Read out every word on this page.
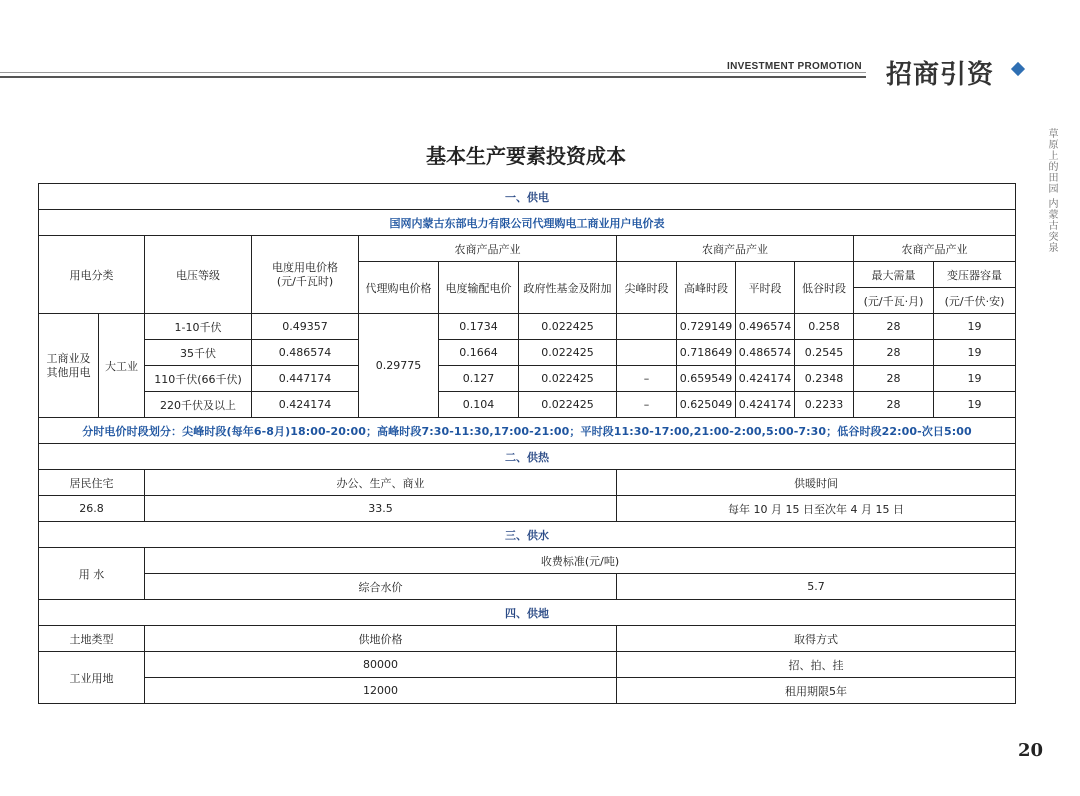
INVESTMENT PROMOTION 招商引资
草原上的田园 内蒙古突泉
基本生产要素投资成本
一、供电												
国网内蒙古东部电力有限公司代理购电工商业用户电价表												
用电分类		电压等级	电度用电价格
(元/千瓦时)	农商产品产业			农商产品产业				农商产品产业	
				代理购电价格	电度输配电价	政府性基金及附加	尖峰时段	高峰时段	平时段	低谷时段	最大需量	变压器容量
											(元/千瓦·月)	(元/千伏·安)
工商业及
其他用电	大工业	1-10千伏	0.49357	0.29775	0.1734	0.022425		0.729149	0.496574	0.258	28	19
		35千伏	0.486574		0.1664	0.022425		0.718649	0.486574	0.2545	28	19
		110千伏(66千伏)	0.447174		0.127	0.022425	–	0.659549	0.424174	0.2348	28	19
		220千伏及以上	0.424174		0.104	0.022425	–	0.625049	0.424174	0.2233	28	19
分时电价时段划分：尖峰时段(每年6-8月)18:00-20:00；高峰时段7:30-11:30,17:00-21:00；平时段11:30-17:00,21:00-2:00,5:00-7:30；低谷时段22:00-次日5:00												
二、供热												
居民住宅		办公、生产、商业					供暖时间					
26.8		33.5					每年 10 月 15 日至次年 4 月 15 日					
三、供水												
用 水		收费标准(元/吨)										
		综合水价					5.7					
四、供地												
土地类型		供地价格					取得方式					
工业用地		80000					招、拍、挂					
		12000					租用期限5年					
20
